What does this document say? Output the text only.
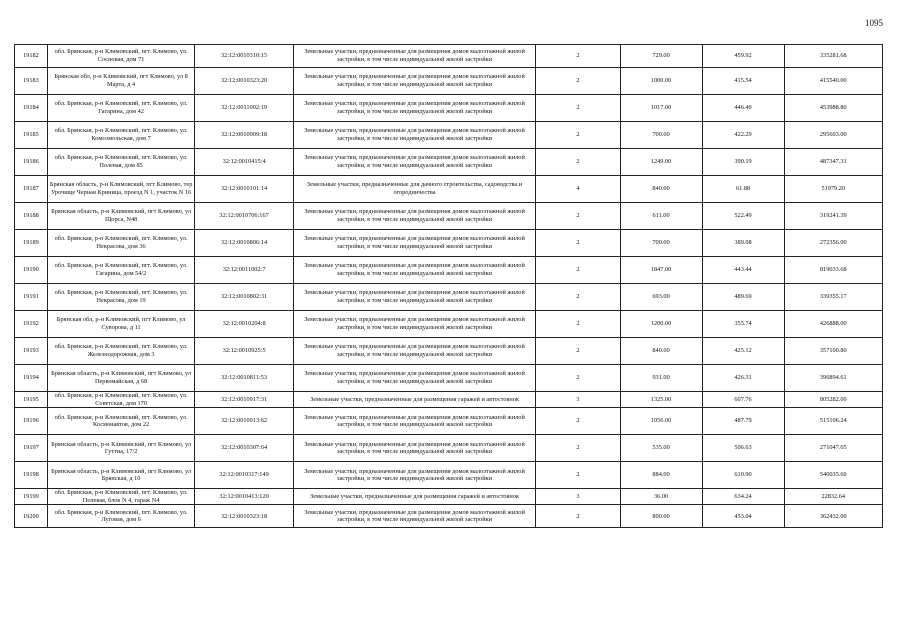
1095
19182	обл. Брянская, р-н Климовский, пгт. Климово, ул. Сосновая, дом 71	32:12:0010310:15	Земельные участки, предназначенные для размещения домов малоэтажной жилой застройки, в том числе индивидуальной жилой застройки	2	729.00	459.92	335281.68
19183	Брянская обл, р-н Климовский, пгт Климово, ул 8 Марта, д 4	32:12:0010323:20	Земельные участки, предназначенные для размещения домов малоэтажной жилой застройки, в том числе индивидуальной жилой застройки	2	1000.00	415.54	415540.00
19184	обл. Брянская, р-н Климовский, пгт. Климово, ул. Гагарина, дом 42	32:12:0011002:19	Земельные участки, предназначенные для размещения домов малоэтажной жилой застройки, в том числе индивидуальной жилой застройки	2	1017.00	446.40	453988.80
19185	обл. Брянская, р-н Климовский, пгт. Климово, ул. Комсомольская, дом 7	32:12:0010909:18	Земельные участки, предназначенные для размещения домов малоэтажной жилой застройки, в том числе индивидуальной жилой застройки	2	700.00	422.29	295603.00
19186	обл. Брянская, р-н Климовский, пгт. Климово, ул. Полевая, дом 85	32:12:0010415:4	Земельные участки, предназначенные для размещения домов малоэтажной жилой застройки, в том числе индивидуальной жилой застройки	2	1249.00	390.19	487347.31
19187	Брянская область, р-н Климовский, пгт Климово, тер Урочище Черная Криница, проезд N 1, участок N 16	32:12:0010101:14	Земельные участки, предназначенные для дачного строительства, садоводства и огородничества	4	840.00	61.88	51979.20
19188	Брянская область, р-н Климовский, пгт Климово, ул Щорса, N48	32:12:0010706:167	Земельные участки, предназначенные для размещения домов малоэтажной жилой застройки, в том числе индивидуальной жилой застройки	2	611.00	522.49	319241.39
19189	обл. Брянская, р-н Климовский, пгт. Климово, ул. Некрасова, дом 36	32:12:0010806:14	Земельные участки, предназначенные для размещения домов малоэтажной жилой застройки, в том числе индивидуальной жилой застройки	2	700.00	389.08	272356.00
19190	обл. Брянская, р-н Климовский, пгт. Климово, ул. Гагарина, дом 54/2	32:12:0011002:7	Земельные участки, предназначенные для размещения домов малоэтажной жилой застройки, в том числе индивидуальной жилой застройки	2	1847.00	443.44	819033.68
19191	обл. Брянская, р-н Климовский, пгт. Климово, ул. Некрасова, дом 19	32:12:0010802:31	Земельные участки, предназначенные для размещения домов малоэтажной жилой застройки, в том числе индивидуальной жилой застройки	2	693.00	489.69	339355.17
19192	Брянская обл, р-н Климовский, пгт Климово, ул Суворова, д 11	32:12:0010204:8	Земельные участки, предназначенные для размещения домов малоэтажной жилой застройки, в том числе индивидуальной жилой застройки	2	1200.00	355.74	426888.00
19193	обл. Брянская, р-н Климовский, пгт. Климово, ул. Железнодорожная, дом 3	32:12:0010925:5	Земельные участки, предназначенные для размещения домов малоэтажной жилой застройки, в том числе индивидуальной жилой застройки	2	840.00	425.12	357100.80
19194	Брянская область, р-н Климовский, пгт Климово, ул Первомайская, д 68	32:12:0010811:53	Земельные участки, предназначенные для размещения домов малоэтажной жилой застройки, в том числе индивидуальной жилой застройки	2	931.00	426.31	396894.61
19195	обл. Брянская, р-н Климовский, пгт. Климово, ул. Советская, дом 170	32:12:0010917:31	Земельные участки, предназначенные для размещения гаражей и автостоянок	3	1325.00	607.76	805282.00
19196	обл. Брянская, р-н Климовский, пгт. Климово, ул. Космонавтов, дом 22	32:12:0010913:62	Земельные участки, предназначенные для размещения домов малоэтажной жилой застройки, в том числе индивидуальной жилой застройки	2	1056.00	487.79	515106.24
19197	Брянская область, р-н Климовский, пгт Климово, ул Гуттиа, 17/2	32:12:0010307:64	Земельные участки, предназначенные для размещения домов малоэтажной жилой застройки, в том числе индивидуальной жилой застройки	2	535.00	506.63	271047.05
19198	Брянская область, р-н Климовский, пгт Климово, ул Брянская, д 10	32:12:0010317:149	Земельные участки, предназначенные для размещения домов малоэтажной жилой застройки, в том числе индивидуальной жилой застройки	2	884.00	610.90	540035.60
19199	обл. Брянская, р-н Климовский, пгт. Климово, ул. Полевая, блок N 4, гараж N4	32:12:0010413:120	Земельные участки, предназначенные для размещения гаражей и автостоянок	3	36.00	634.24	22832.64
19200	обл. Брянская, р-н Климовский, пгт. Климово, ул. Луговая, дом 6	32:12:0010323:18	Земельные участки, предназначенные для размещения домов малоэтажной жилой застройки, в том числе индивидуальной жилой застройки	2	800.00	453.04	362432.00
